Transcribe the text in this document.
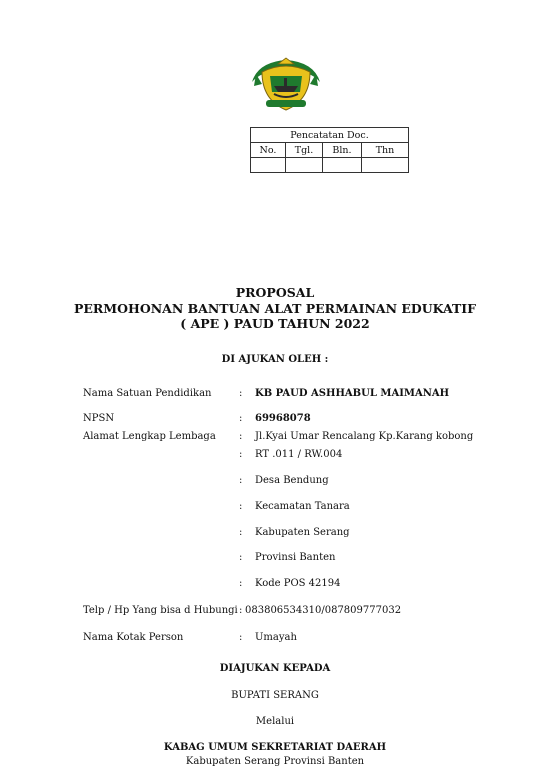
Pencatatan Doc.			
No.	Tgl.	Bln.	Thn

PROPOSAL
PERMOHONAN BANTUAN ALAT PERMAINAN EDUKATIF
( APE ) PAUD TAHUN 2022
DI AJUKAN OLEH :
Nama Satuan Pendidikan	: KB PAUD ASHHABUL MAIMANAH
NPSN	: 69968078
Alamat Lengkap Lembaga : Jl.Kyai Umar Rencalang Kp.Karang kobong
: RT .011 / RW.004
: Desa Bendung
: Kecamatan Tanara
: Kabupaten Serang
: Provinsi Banten
: Kode POS 42194
Telp / Hp Yang bisa d Hubungi : 083806534310/087809777032
Nama Kotak Person	: Umayah
DIAJUKAN KEPADA
BUPATI SERANG
Melalui
KABAG UMUM SEKRETARIAT DAERAH
Kabupaten Serang Provinsi Banten
